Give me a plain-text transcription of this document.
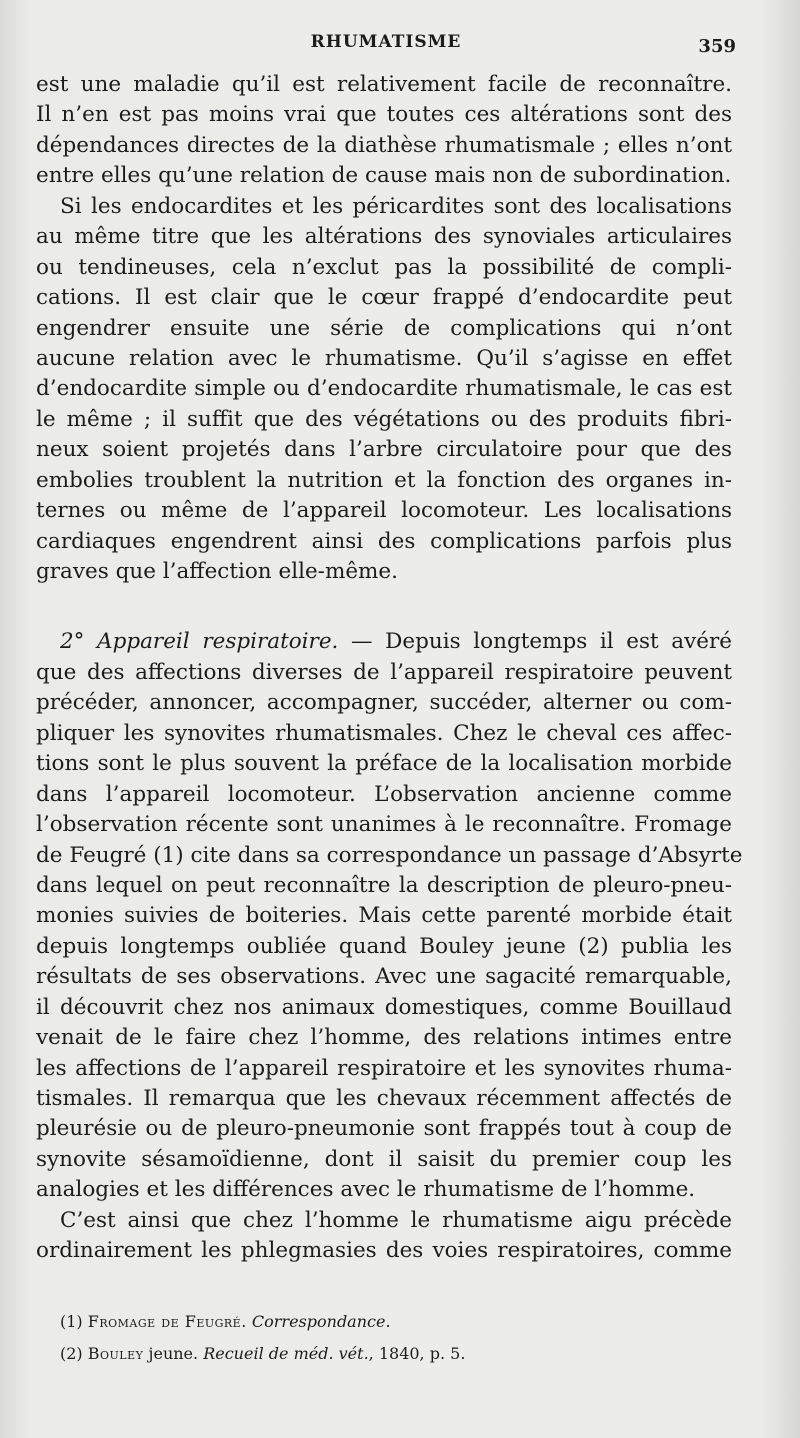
RHUMATISME	359
est une maladie qu’il est relativement facile de reconnaître.
Il n’en est pas moins vrai que toutes ces altérations sont des
dépendances directes de la diathèse rhumatismale ; elles n’ont
entre elles qu’une relation de cause mais non de subordination.
Si les endocardites et les péricardites sont des localisations
au même titre que les altérations des synoviales articulaires
ou tendineuses, cela n’exclut pas la possibilité de compli-
cations. Il est clair que le cœur frappé d’endocardite peut
engendrer ensuite une série de complications qui n’ont
aucune relation avec le rhumatisme. Qu’il s’agisse en effet
d’endocardite simple ou d’endocardite rhumatismale, le cas est
le même ; il suffit que des végétations ou des produits fibri-
neux soient projetés dans l’arbre circulatoire pour que des
embolies troublent la nutrition et la fonction des organes in-
ternes ou même de l’appareil locomoteur. Les localisations
cardiaques engendrent ainsi des complications parfois plus
graves que l’affection elle-même.
2° Appareil respiratoire. — Depuis longtemps il est avéré
que des affections diverses de l’appareil respiratoire peuvent
précéder, annoncer, accompagner, succéder, alterner ou com-
pliquer les synovites rhumatismales. Chez le cheval ces affec-
tions sont le plus souvent la préface de la localisation morbide
dans l’appareil locomoteur. L’observation ancienne comme
l’observation récente sont unanimes à le reconnaître. Fromage
de Feugré (1) cite dans sa correspondance un passage d’Absyrte
dans lequel on peut reconnaître la description de pleuro-pneu-
monies suivies de boiteries. Mais cette parenté morbide était
depuis longtemps oubliée quand Bouley jeune (2) publia les
résultats de ses observations. Avec une sagacité remarquable,
il découvrit chez nos animaux domestiques, comme Bouillaud
venait de le faire chez l’homme, des relations intimes entre
les affections de l’appareil respiratoire et les synovites rhuma-
tismales. Il remarqua que les chevaux récemment affectés de
pleurésie ou de pleuro-pneumonie sont frappés tout à coup de
synovite sésamoïdienne, dont il saisit du premier coup les
analogies et les différences avec le rhumatisme de l’homme.
C’est ainsi que chez l’homme le rhumatisme aigu précède
ordinairement les phlegmasies des voies respiratoires, comme
(1) Fromage de Feugré. Correspondance.
(2) Bouley jeune. Recueil de méd. vét., 1840, p. 5.
